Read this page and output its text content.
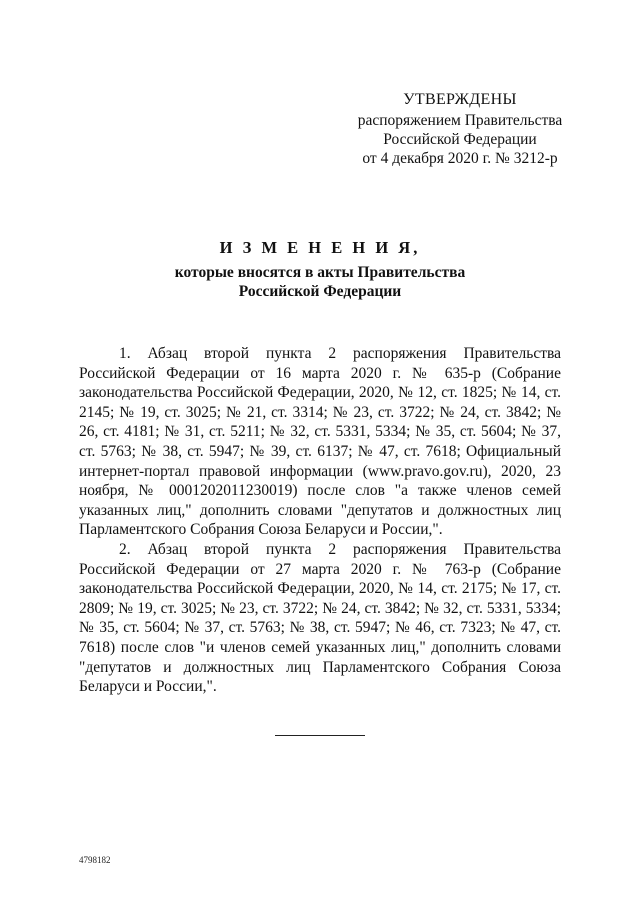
УТВЕРЖДЕНЫ
распоряжением Правительства
Российской Федерации
от 4 декабря 2020 г. № 3212-р
И З М Е Н Е Н И Я,
которые вносятся в акты Правительства
Российской Федерации

1. Абзац второй пункта 2 распоряжения Правительства Российской Федерации от 16 марта 2020 г. № 635-р (Собрание законодательства Российской Федерации, 2020, № 12, ст. 1825; № 14, ст. 2145; № 19, ст. 3025; № 21, ст. 3314; № 23, ст. 3722; № 24, ст. 3842; № 26, ст. 4181; № 31, ст. 5211; № 32, ст. 5331, 5334; № 35, ст. 5604; № 37, ст. 5763; № 38, ст. 5947; № 39, ст. 6137; № 47, ст. 7618; Официальный интернет-портал правовой информации (www.pravo.gov.ru), 2020, 23 ноября, № 0001202011230019) после слов "а также членов семей указанных лиц," дополнить словами "депутатов и должностных лиц Парламентского Собрания Союза Беларуси и России,".

2. Абзац второй пункта 2 распоряжения Правительства Российской Федерации от 27 марта 2020 г. № 763-р (Собрание законодательства Российской Федерации, 2020, № 14, ст. 2175; № 17, ст. 2809; № 19, ст. 3025; № 23, ст. 3722; № 24, ст. 3842; № 32, ст. 5331, 5334; № 35, ст. 5604; № 37, ст. 5763; № 38, ст. 5947; № 46, ст. 7323; № 47, ст. 7618) после слов "и членов семей указанных лиц," дополнить словами "депутатов и должностных лиц Парламентского Собрания Союза Беларуси и России,".

4798182
